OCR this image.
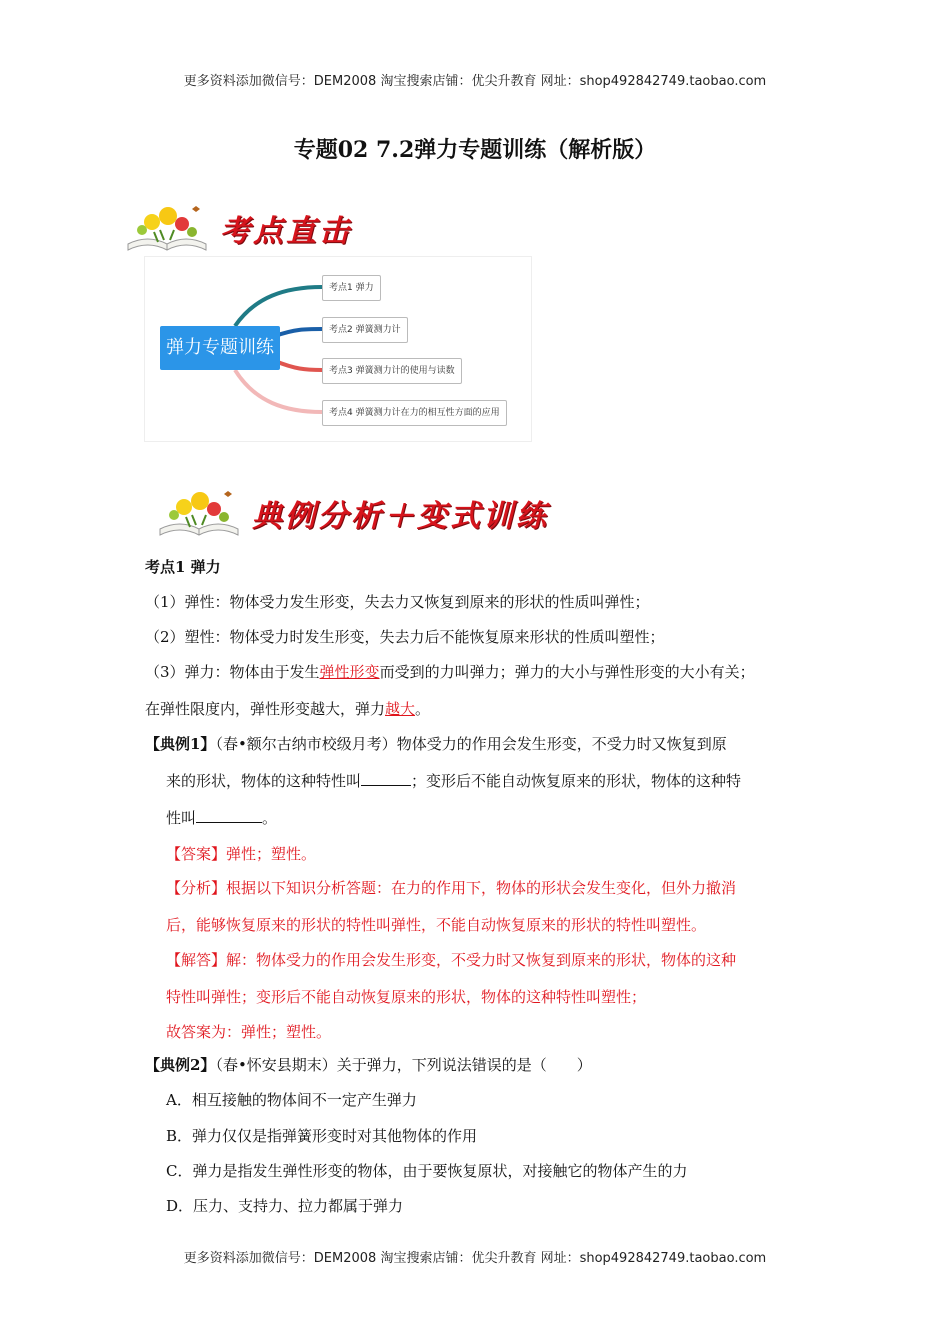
更多资料添加微信号：DEM2008 淘宝搜索店铺：优尖升教育 网址：shop492842749.taobao.com
专题02 7.2弹力专题训练（解析版）
考点直击
弹力专题训练
考点1 弹力
考点2 弹簧测力计
考点3 弹簧测力计的使用与读数
考点4 弹簧测力计在力的相互性方面的应用
典例分析＋变式训练
考点1 弹力
（1）弹性：物体受力发生形变，失去力又恢复到原来的形状的性质叫弹性；
（2）塑性：物体受力时发生形变，失去力后不能恢复原来形状的性质叫塑性；
（3）弹力：物体由于发生弹性形变而受到的力叫弹力；弹力的大小与弹性形变的大小有关；
在弹性限度内，弹性形变越大，弹力越大。
【典例1】（春•额尔古纳市校级月考）物体受力的作用会发生形变，不受力时又恢复到原
来的形状，物体的这种特性叫	；变形后不能自动恢复原来的形状，物体的这种特
性叫	。
【答案】弹性；塑性。
【分析】根据以下知识分析答题：在力的作用下，物体的形状会发生变化，但外力撤消
后，能够恢复原来的形状的特性叫弹性，不能自动恢复原来的形状的特性叫塑性。
【解答】解：物体受力的作用会发生形变，不受力时又恢复到原来的形状，物体的这种
特性叫弹性；变形后不能自动恢复原来的形状，物体的这种特性叫塑性；
故答案为：弹性；塑性。
【典例2】（春•怀安县期末）关于弹力，下列说法错误的是（　　）
A．相互接触的物体间不一定产生弹力
B．弹力仅仅是指弹簧形变时对其他物体的作用
C．弹力是指发生弹性形变的物体，由于要恢复原状，对接触它的物体产生的力
D．压力、支持力、拉力都属于弹力
更多资料添加微信号：DEM2008 淘宝搜索店铺：优尖升教育 网址：shop492842749.taobao.com
